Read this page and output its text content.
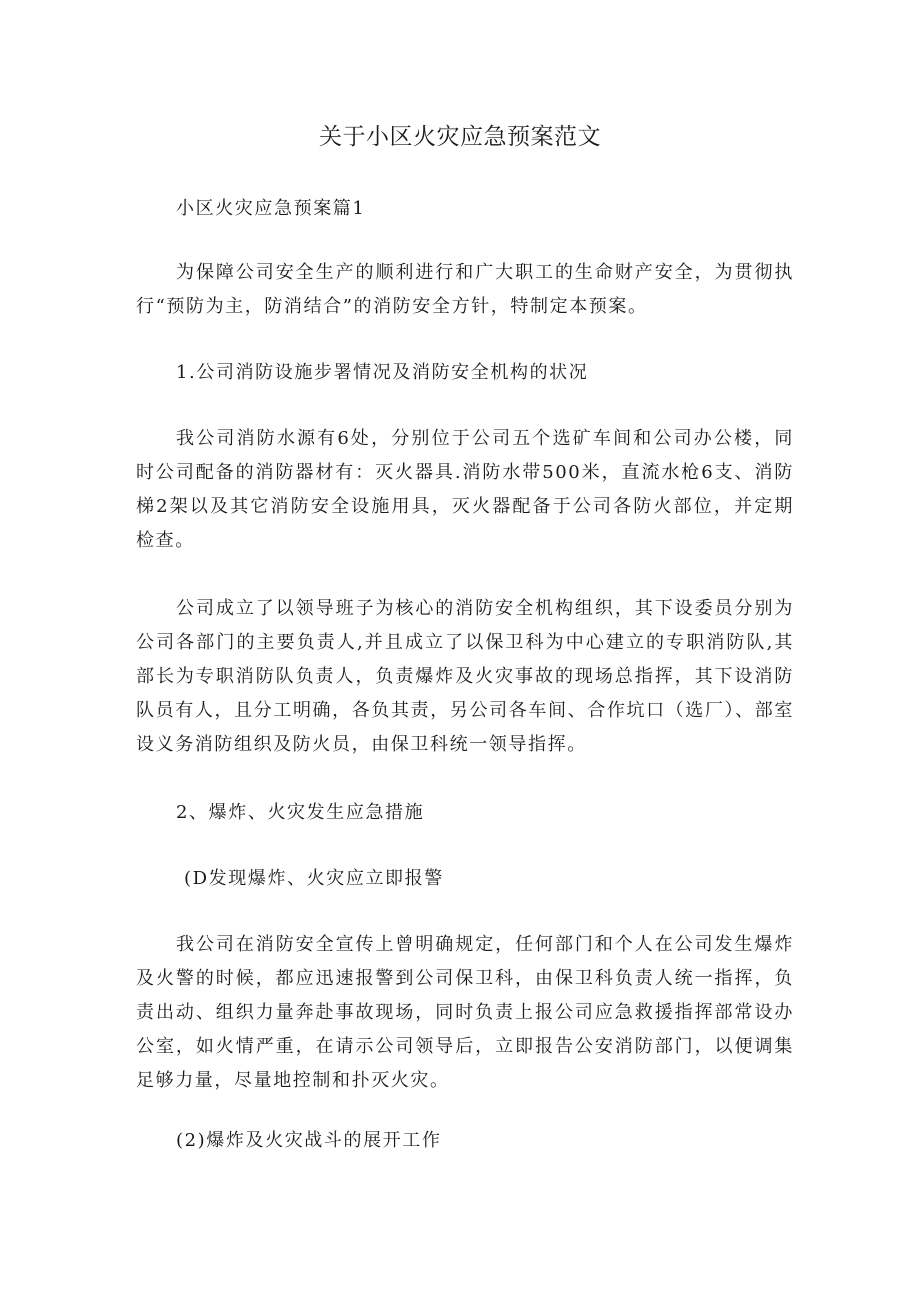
关于小区火灾应急预案范文

小区火灾应急预案篇1

为保障公司安全生产的顺利进行和广大职工的生命财产安全，为贯彻执行“预防为主，防消结合”的消防安全方针，特制定本预案。

1.公司消防设施步署情况及消防安全机构的状况

我公司消防水源有6处，分别位于公司五个选矿车间和公司办公楼，同时公司配备的消防器材有：灭火器具.消防水带500米，直流水枪6支、消防梯2架以及其它消防安全设施用具，灭火器配备于公司各防火部位，并定期检查。

公司成立了以领导班子为核心的消防安全机构组织，其下设委员分别为公司各部门的主要负责人,并且成立了以保卫科为中心建立的专职消防队,其部长为专职消防队负责人，负责爆炸及火灾事故的现场总指挥，其下设消防队员有人，且分工明确，各负其责，另公司各车间、合作坑口（选厂）、部室设义务消防组织及防火员，由保卫科统一领导指挥。

2、爆炸、火灾发生应急措施

(D发现爆炸、火灾应立即报警

我公司在消防安全宣传上曾明确规定，任何部门和个人在公司发生爆炸及火警的时候，都应迅速报警到公司保卫科，由保卫科负责人统一指挥，负责出动、组织力量奔赴事故现场，同时负责上报公司应急救援指挥部常设办公室，如火情严重，在请示公司领导后，立即报告公安消防部门，以便调集足够力量，尽量地控制和扑灭火灾。

(2)爆炸及火灾战斗的展开工作
